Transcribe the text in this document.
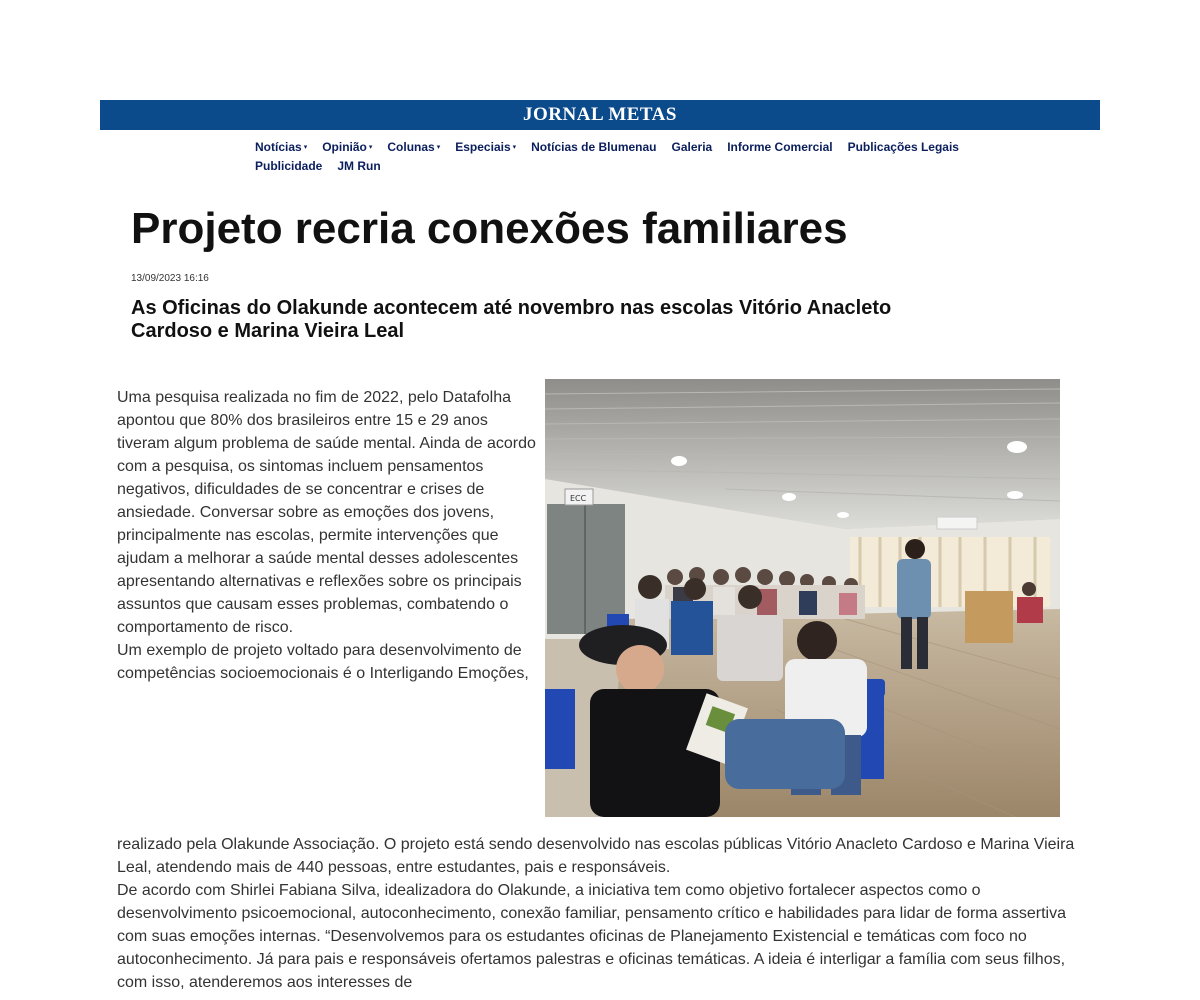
JORNAL METAS
Notícias ▾ Opinião ▾ Colunas ▾ Especiais ▾ Notícias de Blumenau Galeria Informe Comercial Publicações Legais
Publicidade JM Run
Projeto recria conexões familiares
13/09/2023 16:16
As Oficinas do Olakunde acontecem até novembro nas escolas Vitório Anacleto Cardoso e Marina Vieira Leal
ECC

Uma pesquisa realizada no fim de 2022, pelo Datafolha apontou que 80% dos brasileiros entre 15 e 29 anos tiveram algum problema de saúde mental. Ainda de acordo com a pesquisa, os sintomas incluem pensamentos negativos, dificuldades de se concentrar e crises de ansiedade. Conversar sobre as emoções dos jovens, principalmente nas escolas, permite intervenções que ajudam a melhorar a saúde mental desses adolescentes apresentando alternativas e reflexões sobre os principais assuntos que causam esses problemas, combatendo o comportamento de risco.

Um exemplo de projeto voltado para desenvolvimento de competências socioemocionais é o Interligando Emoções,

realizado pela Olakunde Associação. O projeto está sendo desenvolvido nas escolas públicas Vitório Anacleto Cardoso e Marina Vieira Leal, atendendo mais de 440 pessoas, entre estudantes, pais e responsáveis.

De acordo com Shirlei Fabiana Silva, idealizadora do Olakunde, a iniciativa tem como objetivo fortalecer aspectos como o desenvolvimento psicoemocional, autoconhecimento, conexão familiar, pensamento crítico e habilidades para lidar de forma assertiva com suas emoções internas. “Desenvolvemos para os estudantes oficinas de Planejamento Existencial e temáticas com foco no autoconhecimento. Já para pais e responsáveis ofertamos palestras e oficinas temáticas. A ideia é interligar a família com seus filhos, com isso, atenderemos aos interesses de
